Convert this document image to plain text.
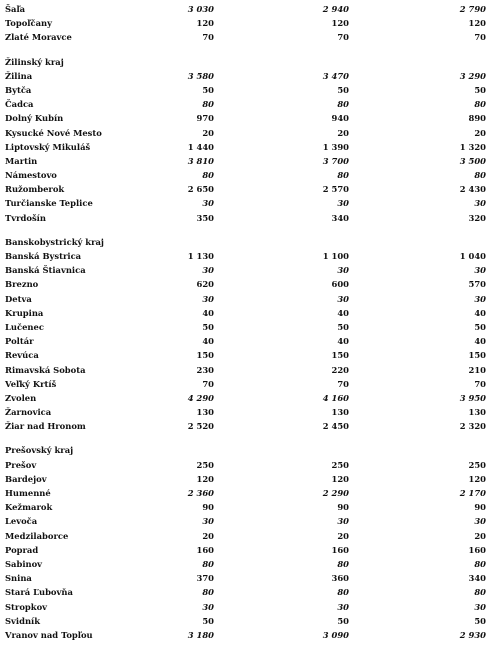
Šaľa	3 030	2 940	2 790
Topoľčany	120	120	120
Zlaté Moravce	70	70	70
Žilinský kraj
Žilina	3 580	3 470	3 290
Bytča	50	50	50
Čadca	80	80	80
Dolný Kubín	970	940	890
Kysucké Nové Mesto	20	20	20
Liptovský Mikuláš	1 440	1 390	1 320
Martin	3 810	3 700	3 500
Námestovo	80	80	80
Ružomberok	2 650	2 570	2 430
Turčianske Teplice	30	30	30
Tvrdošín	350	340	320
Banskobystrický kraj
Banská Bystrica	1 130	1 100	1 040
Banská Štiavnica	30	30	30
Brezno	620	600	570
Detva	30	30	30
Krupina	40	40	40
Lučenec	50	50	50
Poltár	40	40	40
Revúca	150	150	150
Rimavská Sobota	230	220	210
Veľký Krtíš	70	70	70
Zvolen	4 290	4 160	3 950
Žarnovica	130	130	130
Žiar nad Hronom	2 520	2 450	2 320
Prešovský kraj
Prešov	250	250	250
Bardejov	120	120	120
Humenné	2 360	2 290	2 170
Kežmarok	90	90	90
Levoča	30	30	30
Medzilaborce	20	20	20
Poprad	160	160	160
Sabinov	80	80	80
Snina	370	360	340
Stará Ľubovňa	80	80	80
Stropkov	30	30	30
Svidník	50	50	50
Vranov nad Topľou	3 180	3 090	2 930
